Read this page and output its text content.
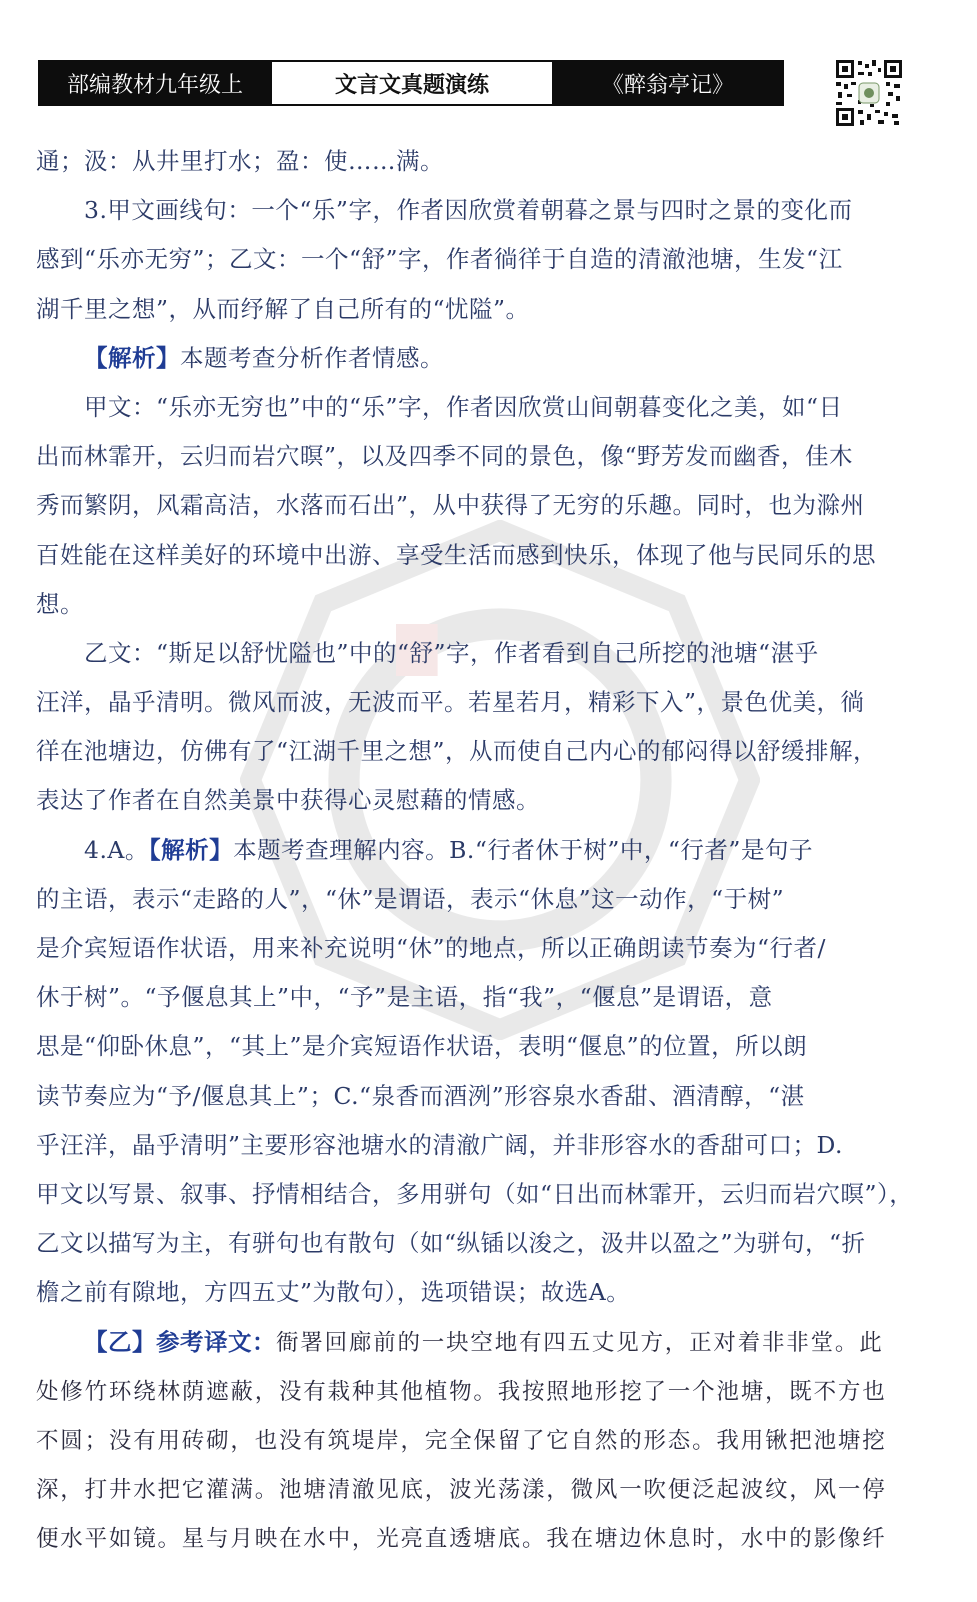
部编教材九年级上	文言文真题演练	《醉翁亭记》
通；汲：从井里打水；盈：使……满。
3.甲文画线句：一个“乐”字，作者因欣赏着朝暮之景与四时之景的变化而
感到“乐亦无穷”；乙文：一个“舒”字，作者徜徉于自造的清澈池塘，生发“江
湖千里之想”，从而纾解了自己所有的“忧隘”。
【解析】本题考查分析作者情感。
甲文：“乐亦无穷也”中的“乐”字，作者因欣赏山间朝暮变化之美，如“日
出而林霏开，云归而岩穴暝”，以及四季不同的景色，像“野芳发而幽香，佳木
秀而繁阴，风霜高洁，水落而石出”，从中获得了无穷的乐趣。同时，也为滁州
百姓能在这样美好的环境中出游、享受生活而感到快乐，体现了他与民同乐的思
想。
乙文：“斯足以舒忧隘也”中的“舒”字，作者看到自己所挖的池塘“湛乎
汪洋，晶乎清明。微风而波，无波而平。若星若月，精彩下入”，景色优美，徜
徉在池塘边，仿佛有了“江湖千里之想”，从而使自己内心的郁闷得以舒缓排解，
表达了作者在自然美景中获得心灵慰藉的情感。
4.A。【解析】本题考查理解内容。B.“行者休于树”中，“行者”是句子
的主语，表示“走路的人”，“休”是谓语，表示“休息”这一动作，“于树”
是介宾短语作状语，用来补充说明“休”的地点，所以正确朗读节奏为“行者/
休于树”。“予偃息其上”中，“予”是主语，指“我”，“偃息”是谓语，意
思是“仰卧休息”，“其上”是介宾短语作状语，表明“偃息”的位置，所以朗
读节奏应为“予/偃息其上”；C.“泉香而酒洌”形容泉水香甜、酒清醇，“湛
乎汪洋，晶乎清明”主要形容池塘水的清澈广阔，并非形容水的香甜可口；D.
甲文以写景、叙事、抒情相结合，多用骈句（如“日出而林霏开，云归而岩穴暝”），
乙文以描写为主，有骈句也有散句（如“纵锸以浚之，汲井以盈之”为骈句，“折
檐之前有隙地，方四五丈”为散句），选项错误；故选A。
【乙】参考译文：衙署回廊前的一块空地有四五丈见方，正对着非非堂。此
处修竹环绕林荫遮蔽，没有栽种其他植物。我按照地形挖了一个池塘，既不方也
不圆；没有用砖砌，也没有筑堤岸，完全保留了它自然的形态。我用锹把池塘挖
深，打井水把它灌满。池塘清澈见底，波光荡漾，微风一吹便泛起波纹，风一停
便水平如镜。星与月映在水中，光亮直透塘底。我在塘边休息时，水中的影像纤
